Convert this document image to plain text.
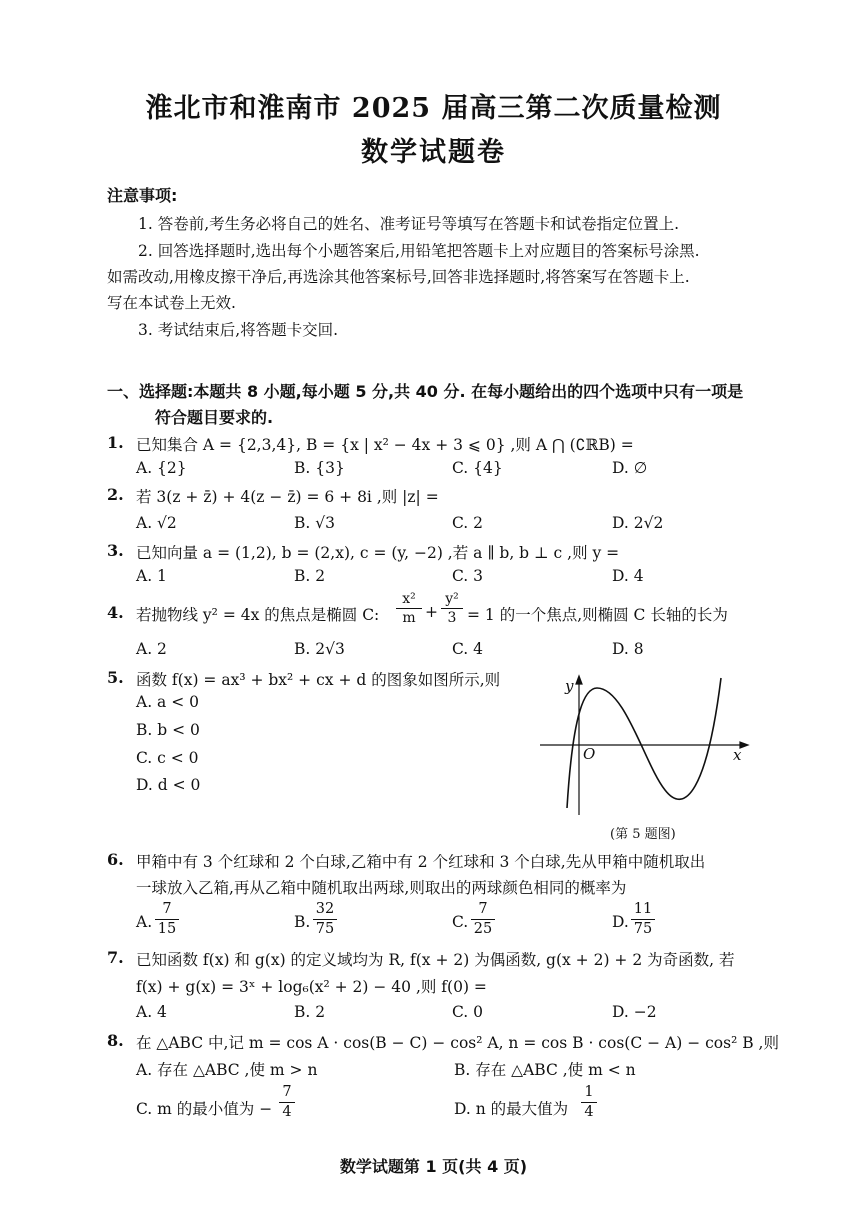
淮北市和淮南市 2025 届高三第二次质量检测
数学试题卷
注意事项:
1. 答卷前,考生务必将自己的姓名、准考证号等填写在答题卡和试卷指定位置上.
2. 回答选择题时,选出每个小题答案后,用铅笔把答题卡上对应题目的答案标号涂黑.
如需改动,用橡皮擦干净后,再选涂其他答案标号,回答非选择题时,将答案写在答题卡上.
写在本试卷上无效.
3. 考试结束后,将答题卡交回.
一、选择题:本题共 8 小题,每小题 5 分,共 40 分. 在每小题给出的四个选项中只有一项是
符合题目要求的.
1. 已知集合 A = {2,3,4}, B = {x | x² − 4x + 3 ⩽ 0} ,则 A ⋂ (∁ℝB) =
A. {2}	B. {3}	C. {4}	D. ∅
2. 若 3(z + z̄) + 4(z − z̄) = 6 + 8i ,则 |z| =
A. √2	B. √3	C. 2	D. 2√2
3. 已知向量 a = (1,2), b = (2,x), c = (y, −2) ,若 a ∥ b, b ⊥ c ,则 y =
A. 1	B. 2	C. 3	D. 4
4. 若抛物线 y² = 4x 的焦点是椭圆 C: $\frac{\text{x²}}{m} + \frac{\text{y²}}{3} = 1$ 的一个焦点,则椭圆 C 长轴的长为
A. 2	B. 2√3	C. 4	D. 8
5. 函数 f(x) = ax³ + bx² + cx + d 的图象如图所示,则
A. a < 0
B. b < 0
C. c < 0
D. d < 0
y
x
O
(第 5 题图)
6. 甲箱中有 3 个红球和 2 个白球,乙箱中有 2 个红球和 3 个白球,先从甲箱中随机取出
一球放入乙箱,再从乙箱中随机取出两球,则取出的两球颜色相同的概率为
A. $\frac{7}{15}$	B. $\frac{32}{75}$	C. $\frac{7}{25}$	D. $\frac{11}{75}$
7. 已知函数 f(x) 和 g(x) 的定义域均为 R, f(x + 2) 为偶函数, g(x + 2) + 2 为奇函数, 若
f(x) + g(x) = 3ˣ + log₆(x² + 2) − 40 ,则 f(0) =
A. 4	B. 2	C. 0	D. −2
8. 在 △ABC 中,记 m = cos A · cos(B − C) − cos² A, n = cos B · cos(C − A) − cos² B ,则
A. 存在 △ABC ,使 m > n	B. 存在 △ABC ,使 m < n
C. m 的最小值为 − $\frac{7}{4}$	D. n 的最大值为 $\frac{1}{4}$
数学试题第 1 页(共 4 页)
